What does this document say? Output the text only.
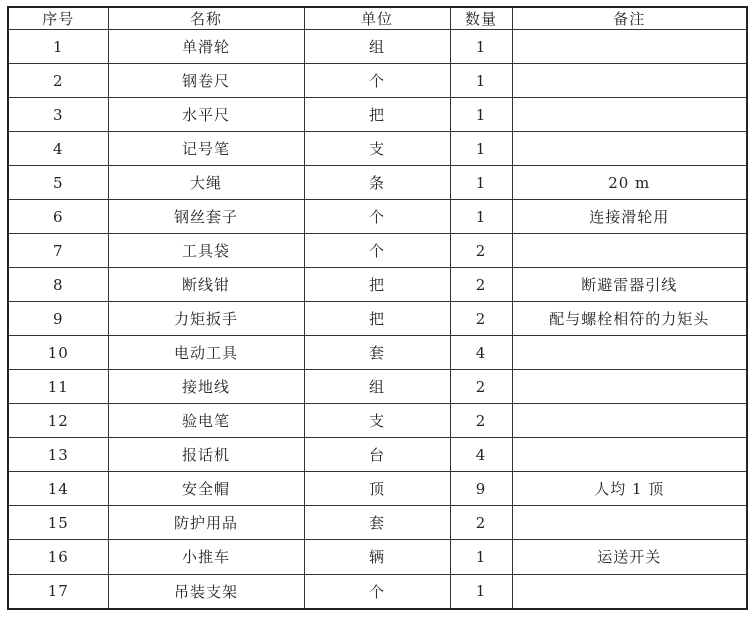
序号	名称	单位	数量	备注
1	单滑轮	组	1	
2	钢卷尺	个	1	
3	水平尺	把	1	
4	记号笔	支	1	
5	大绳	条	1	20 m
6	钢丝套子	个	1	连接滑轮用
7	工具袋	个	2	
8	断线钳	把	2	断避雷器引线
9	力矩扳手	把	2	配与螺栓相符的力矩头
10	电动工具	套	4	
11	接地线	组	2	
12	验电笔	支	2	
13	报话机	台	4	
14	安全帽	顶	9	人均 1 顶
15	防护用品	套	2	
16	小推车	辆	1	运送开关
17	吊装支架	个	1	
